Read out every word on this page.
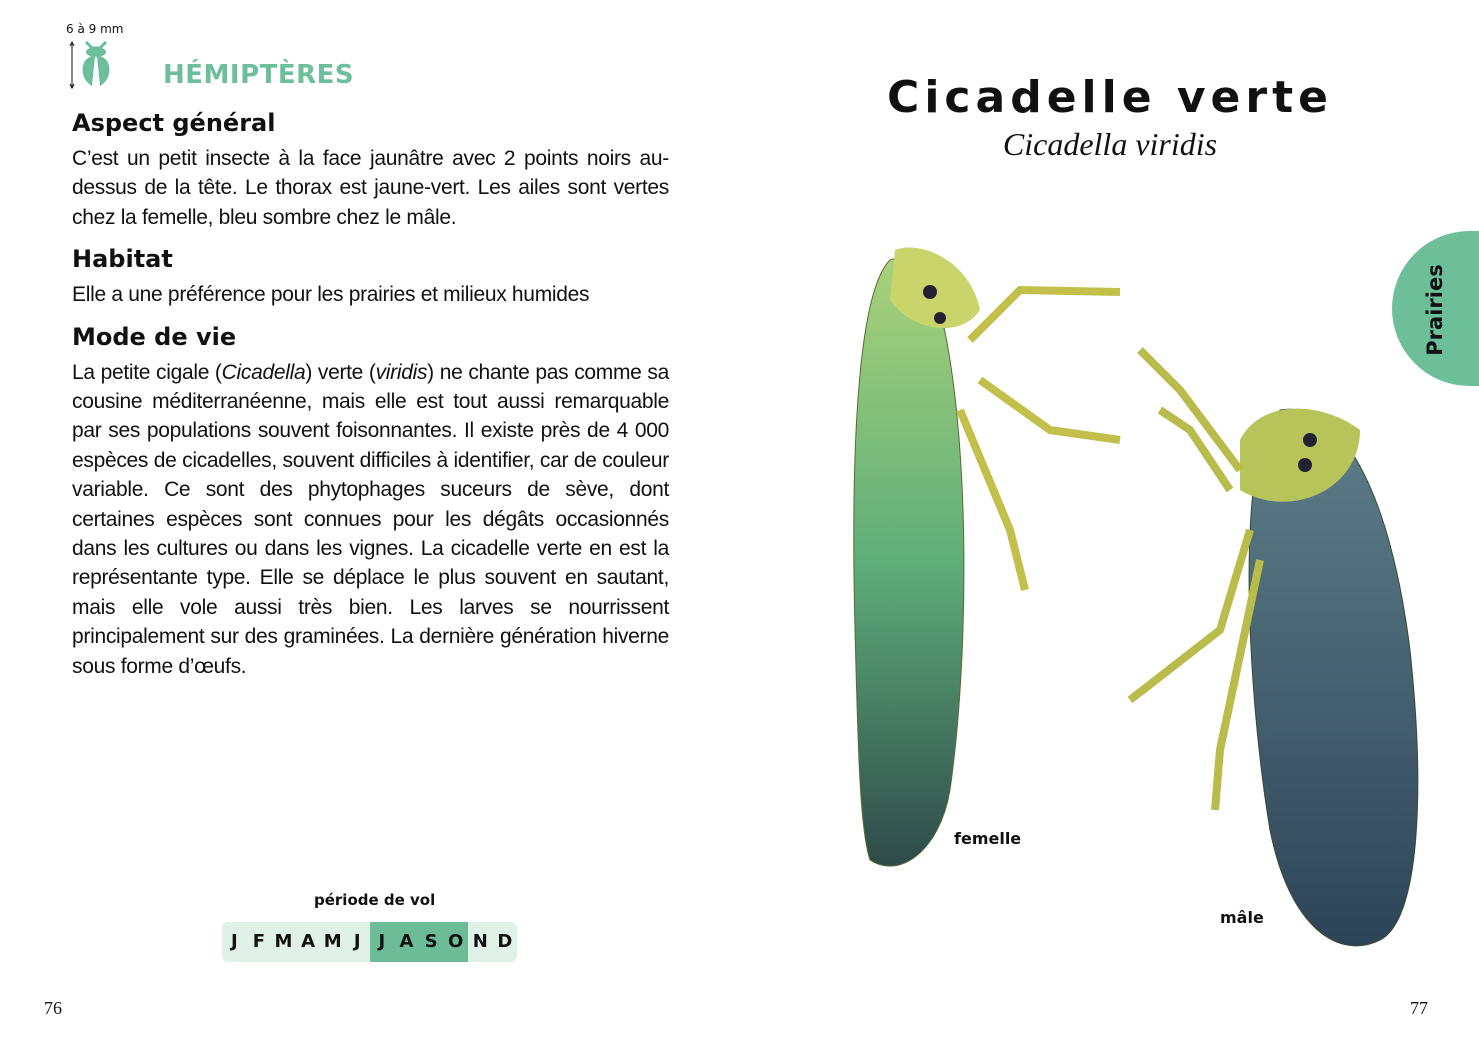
6 à 9 mm
HÉMIPTÈRES
Aspect général

C’est un petit insecte à la face jaunâtre avec 2 points noirs au-dessus de la tête. Le thorax est jaune-vert. Les ailes sont vertes chez la femelle, bleu sombre chez le mâle.

Habitat

Elle a une préférence pour les prairies et milieux humides

Mode de vie

La petite cigale (Cicadella) verte (viridis) ne chante pas comme sa cousine méditerranéenne, mais elle est tout aussi remarquable par ses populations souvent foisonnantes. Il existe près de 4 000 espèces de cicadelles, souvent difficiles à identifier, car de couleur variable. Ce sont des phytophages suceurs de sève, dont certaines espèces sont connues pour les dégâts occasionnés dans les cultures ou dans les vignes. La cicadelle verte en est la représentante type. Elle se déplace le plus souvent en sautant, mais elle vole aussi très bien. Les larves se nourrissent principalement sur des graminées. La dernière génération hiverne sous forme d’œufs.

période de vol
J F M A M J J A S O N D
76	77
Cicadelle verte
Cicadella viridis
Prairies
femelle
mâle
